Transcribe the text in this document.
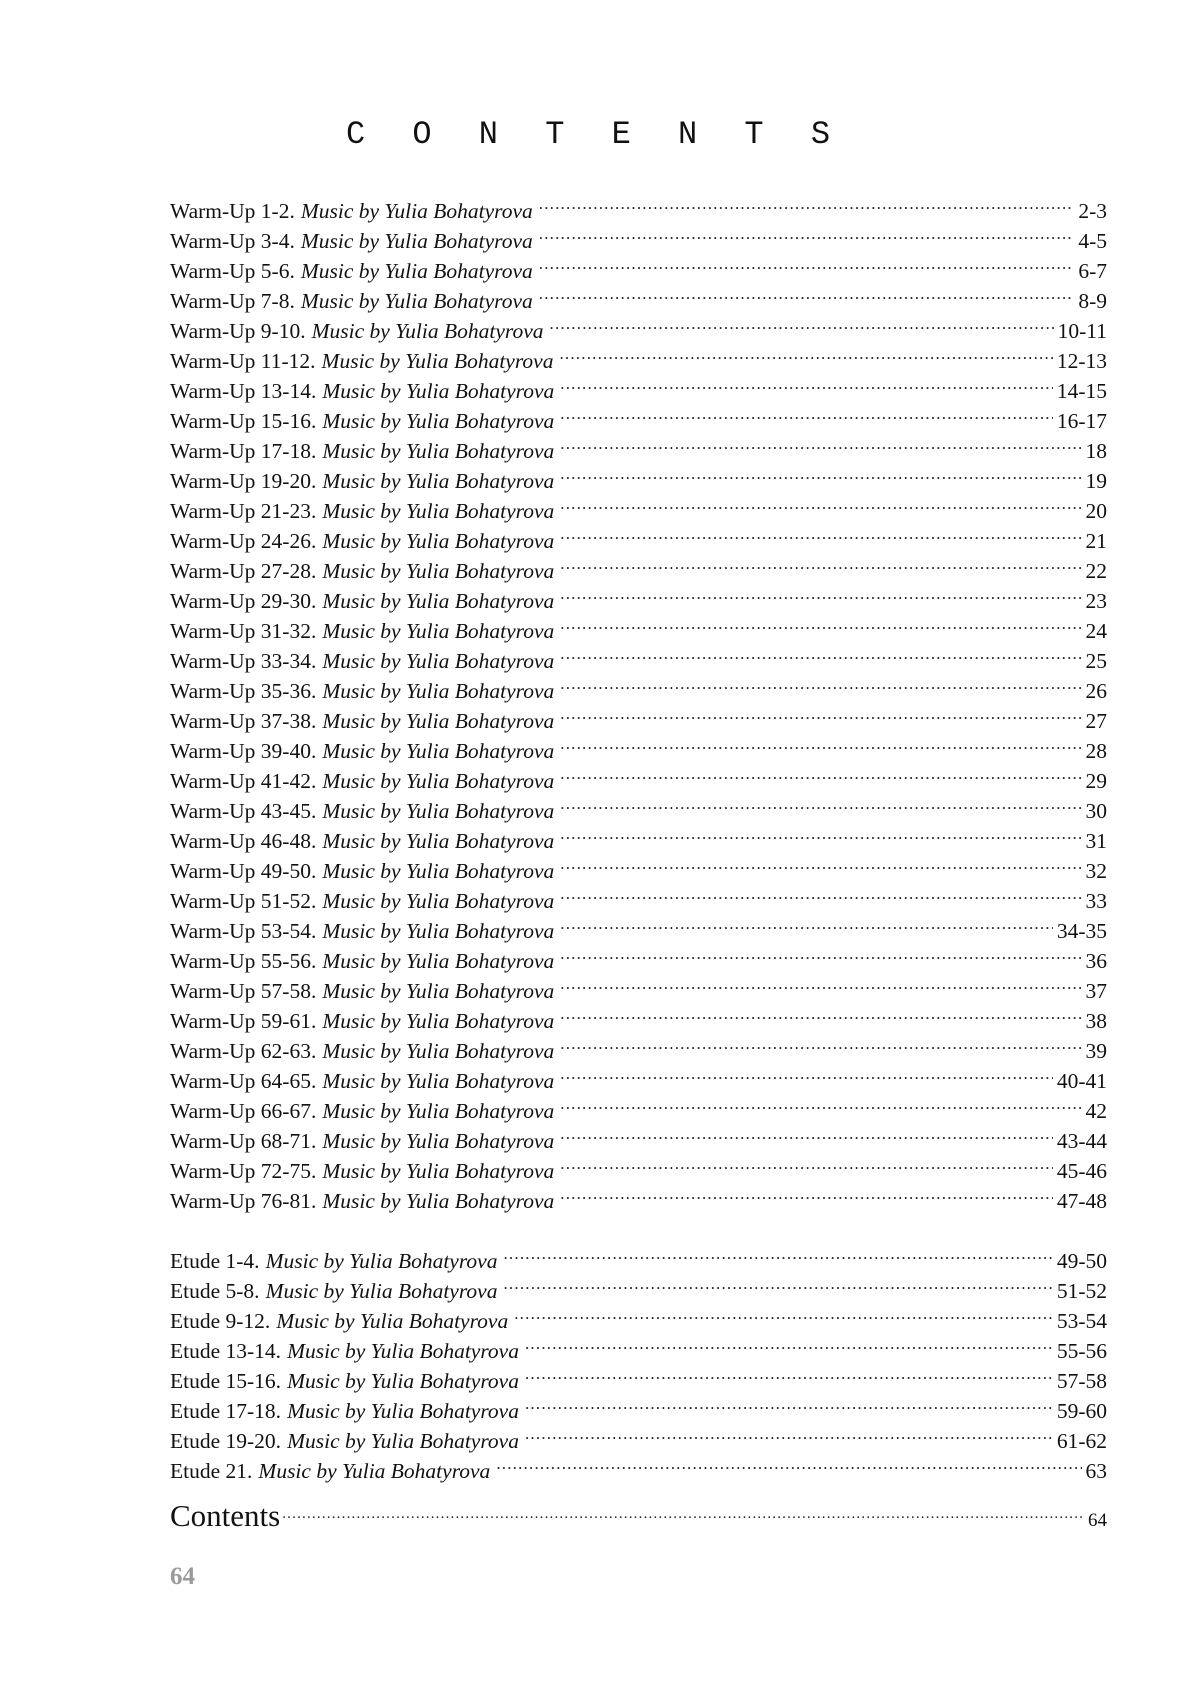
C O N T E N T S
Warm-Up 1-2. Music by Yulia Bohatyrova .....	2-3
Warm-Up 3-4. Music by Yulia Bohatyrova .....	4-5
Warm-Up 5-6. Music by Yulia Bohatyrova .....	6-7
Warm-Up 7-8. Music by Yulia Bohatyrova .....	8-9
Warm-Up 9-10. Music by Yulia Bohatyrova .....	10-11
Warm-Up 11-12. Music by Yulia Bohatyrova .....	12-13
Warm-Up 13-14. Music by Yulia Bohatyrova .....	14-15
Warm-Up 15-16. Music by Yulia Bohatyrova .....	16-17
Warm-Up 17-18. Music by Yulia Bohatyrova .....	18
Warm-Up 19-20. Music by Yulia Bohatyrova .....	19
Warm-Up 21-23. Music by Yulia Bohatyrova .....	20
Warm-Up 24-26. Music by Yulia Bohatyrova .....	21
Warm-Up 27-28. Music by Yulia Bohatyrova .....	22
Warm-Up 29-30. Music by Yulia Bohatyrova .....	23
Warm-Up 31-32. Music by Yulia Bohatyrova .....	24
Warm-Up 33-34. Music by Yulia Bohatyrova .....	25
Warm-Up 35-36. Music by Yulia Bohatyrova .....	26
Warm-Up 37-38. Music by Yulia Bohatyrova .....	27
Warm-Up 39-40. Music by Yulia Bohatyrova .....	28
Warm-Up 41-42. Music by Yulia Bohatyrova .....	29
Warm-Up 43-45. Music by Yulia Bohatyrova .....	30
Warm-Up 46-48. Music by Yulia Bohatyrova .....	31
Warm-Up 49-50. Music by Yulia Bohatyrova .....	32
Warm-Up 51-52. Music by Yulia Bohatyrova .....	33
Warm-Up 53-54. Music by Yulia Bohatyrova .....	34-35
Warm-Up 55-56. Music by Yulia Bohatyrova .....	36
Warm-Up 57-58. Music by Yulia Bohatyrova .....	37
Warm-Up 59-61. Music by Yulia Bohatyrova .....	38
Warm-Up 62-63. Music by Yulia Bohatyrova .....	39
Warm-Up 64-65. Music by Yulia Bohatyrova .....	40-41
Warm-Up 66-67. Music by Yulia Bohatyrova .....	42
Warm-Up 68-71. Music by Yulia Bohatyrova .....	43-44
Warm-Up 72-75. Music by Yulia Bohatyrova .....	45-46
Warm-Up 76-81. Music by Yulia Bohatyrova .....	47-48
Etude 1-4. Music by Yulia Bohatyrova .....	49-50
Etude 5-8. Music by Yulia Bohatyrova .....	51-52
Etude 9-12. Music by Yulia Bohatyrova .....	53-54
Etude 13-14. Music by Yulia Bohatyrova .....	55-56
Etude 15-16. Music by Yulia Bohatyrova .....	57-58
Etude 17-18. Music by Yulia Bohatyrova .....	59-60
Etude 19-20. Music by Yulia Bohatyrova .....	61-62
Etude 21. Music by Yulia Bohatyrova .....	63
Contents .....	64
64
